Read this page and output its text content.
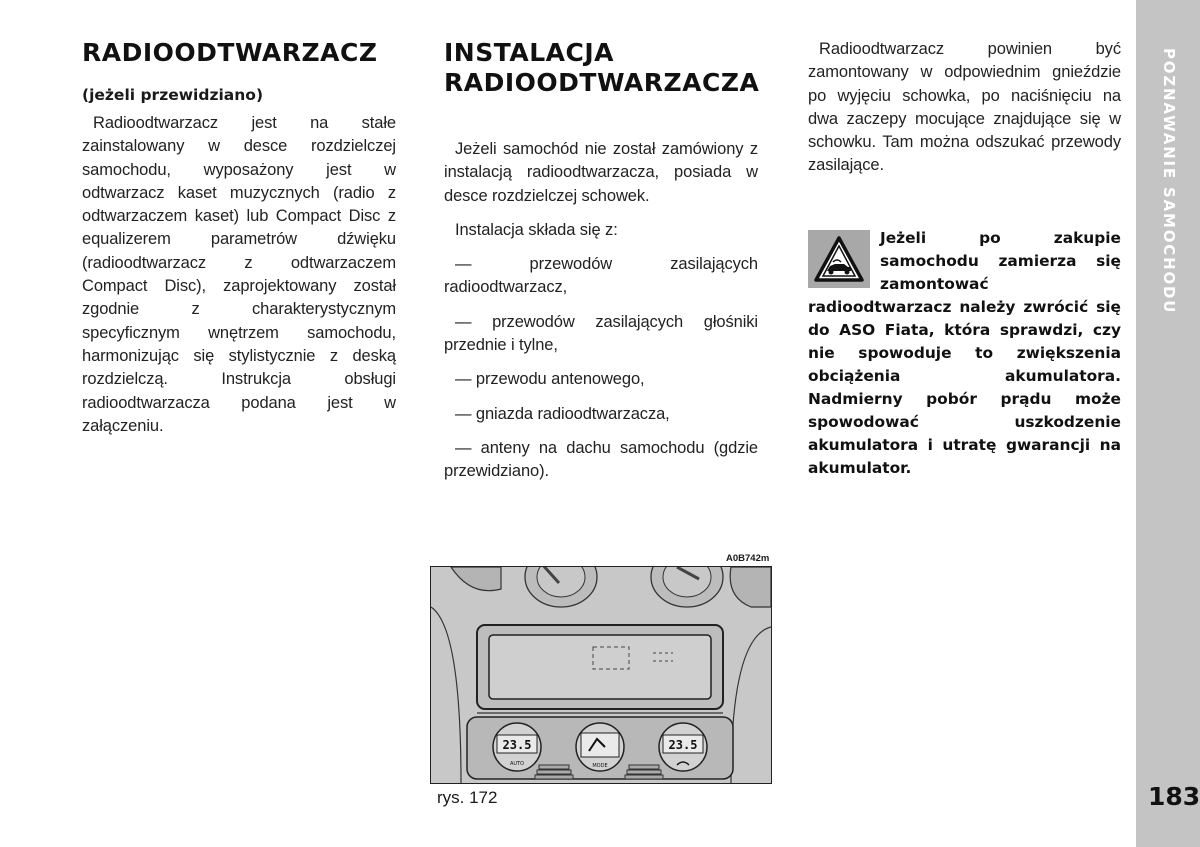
RADIOODTWARZACZ
(jeżeli przewidziano)

Radioodtwarzacz jest na stałe zainstalowany w desce rozdzielczej samochodu, wyposażony jest w odtwarzacz kaset muzycznych (radio z odtwarzaczem kaset) lub Compact Disc z equalizerem parametrów dźwięku (radioodtwarzacz z odtwarzaczem Compact Disc), zaprojektowany został zgodnie z charakterystycznym specyficznym wnętrzem samochodu, harmonizując się stylistycznie z deską rozdzielczą. Instrukcja obsługi radioodtwarzacza podana jest w załączeniu.

INSTALACJA
RADIOODTWARZACZA

Jeżeli samochód nie został zamówiony z instalacją radioodtwarzacza, posiada w desce rozdzielczej schowek.

Instalacja składa się z:

— przewodów zasilających radioodtwarzacz,

— przewodów zasilających głośniki przednie i tylne,

— przewodu antenowego,

— gniazda radioodtwarzacza,

— anteny na dachu samochodu (gdzie przewidziano).

Radioodtwarzacz powinien być zamontowany w odpowiednim gnieździe po wyjęciu schowka, po naciśnięciu na dwa zaczepy mocujące znajdujące się w schowku. Tam można odszukać przewody zasilające.

Jeżeli po zakupie samochodu zamierza się zamontować radioodtwarzacz należy zwrócić się do ASO Fiata, która sprawdzi, czy nie spowoduje to zwiększenia obciążenia akumulatora. Nadmierny pobór prądu może spowodować uszkodzenie akumulatora i utratę gwarancji na akumulator.

A0B742m
23.5	23.5
AUTO	MODE
rys. 172
POZNAWANIE SAMOCHODU
183
